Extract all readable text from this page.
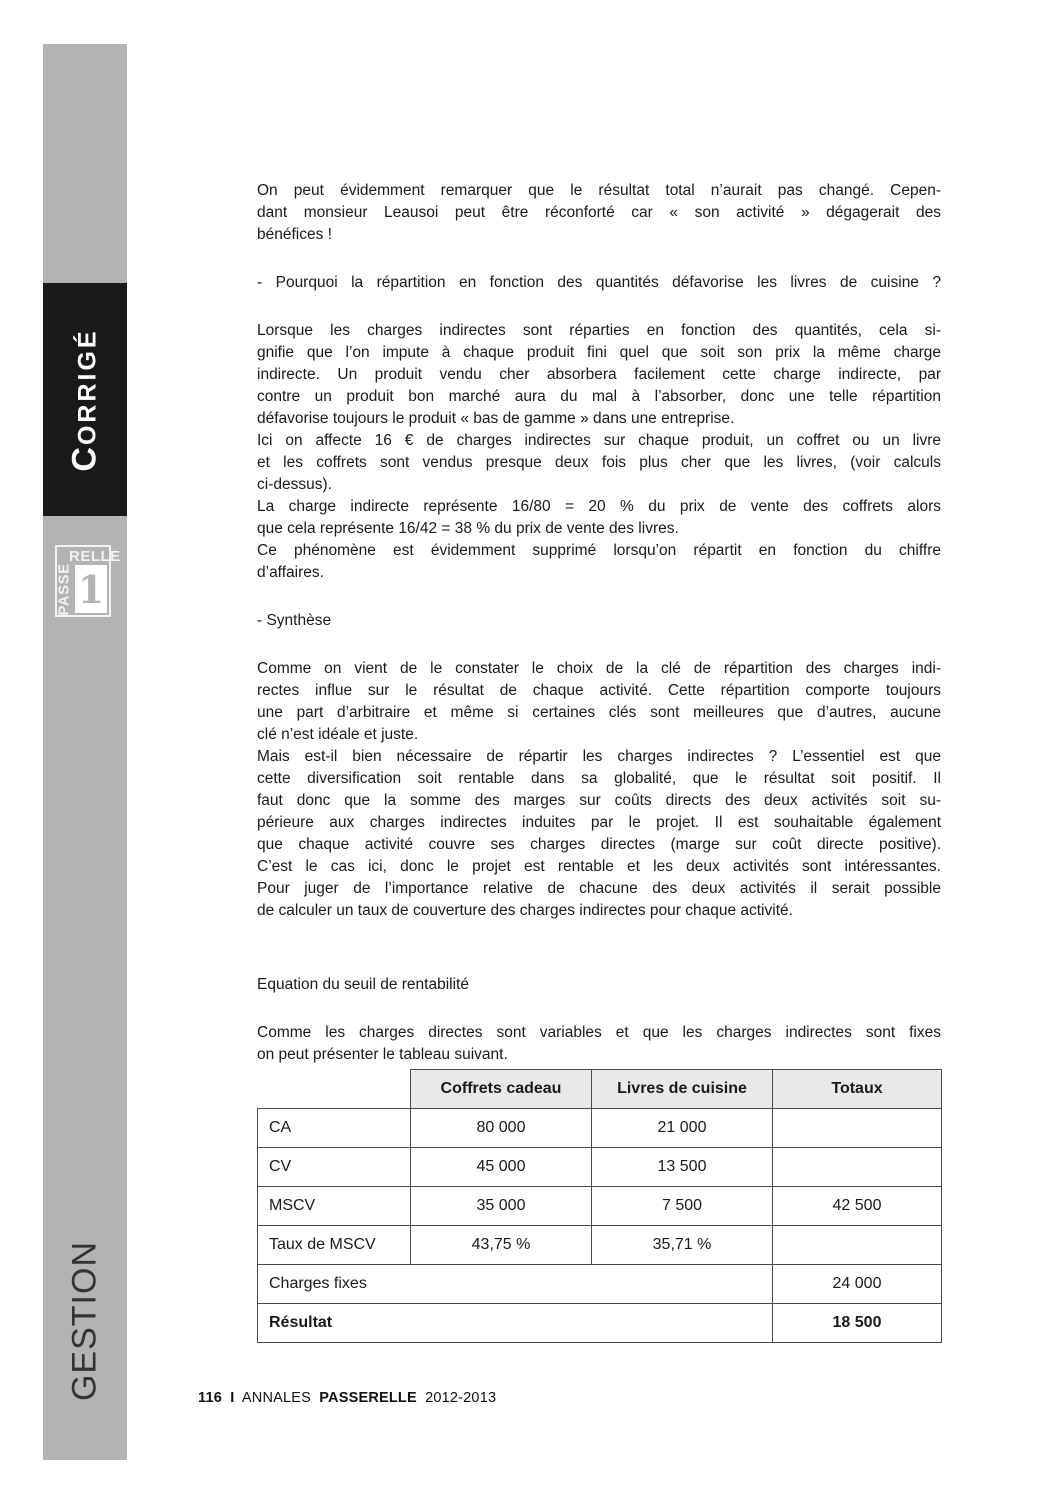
CORRIGÉ
RELLE
PASSE 1
GESTION
On peut évidemment remarquer que le résultat total n’aurait pas changé. Cepen-
dant monsieur Leausoi peut être réconforté car « son activité » dégagerait des
bénéfices !
- Pourquoi la répartition en fonction des quantités défavorise les livres de cuisine ?
Lorsque les charges indirectes sont réparties en fonction des quantités, cela si-
gnifie que l’on impute à chaque produit fini quel que soit son prix la même charge
indirecte. Un produit vendu cher absorbera facilement cette charge indirecte, par
contre un produit bon marché aura du mal à l’absorber, donc une telle répartition
défavorise toujours le produit « bas de gamme » dans une entreprise.
Ici on affecte 16 € de charges indirectes sur chaque produit, un coffret ou un livre
et les coffrets sont vendus presque deux fois plus cher que les livres, (voir calculs
ci-dessus).
La charge indirecte représente 16/80 = 20 % du prix de vente des coffrets alors
que cela représente 16/42 = 38 % du prix de vente des livres.
Ce phénomène est évidemment supprimé lorsqu’on répartit en fonction du chiffre
d’affaires.
- Synthèse
Comme on vient de le constater le choix de la clé de répartition des charges indi-
rectes influe sur le résultat de chaque activité. Cette répartition comporte toujours
une part d’arbitraire et même si certaines clés sont meilleures que d’autres, aucune
clé n’est idéale et juste.
Mais est-il bien nécessaire de répartir les charges indirectes ? L’essentiel est que
cette diversification soit rentable dans sa globalité, que le résultat soit positif. Il
faut donc que la somme des marges sur coûts directs des deux activités soit su-
périeure aux charges indirectes induites par le projet. Il est souhaitable également
que chaque activité couvre ses charges directes (marge sur coût directe positive).
C’est le cas ici, donc le projet est rentable et les deux activités sont intéressantes.
Pour juger de l’importance relative de chacune des deux activités il serait possible
de calculer un taux de couverture des charges indirectes pour chaque activité.
Equation du seuil de rentabilité
Comme les charges directes sont variables et que les charges indirectes sont fixes
on peut présenter le tableau suivant.
	Coffrets cadeau	Livres de cuisine	Totaux
CA	80 000	21 000	
CV	45 000	13 500	
MSCV	35 000	7 500	42 500
Taux de MSCV	43,75 %	35,71 %	
Charges fixes			24 000
Résultat			18 500
116 I ANNALES PASSERELLE 2012-2013
